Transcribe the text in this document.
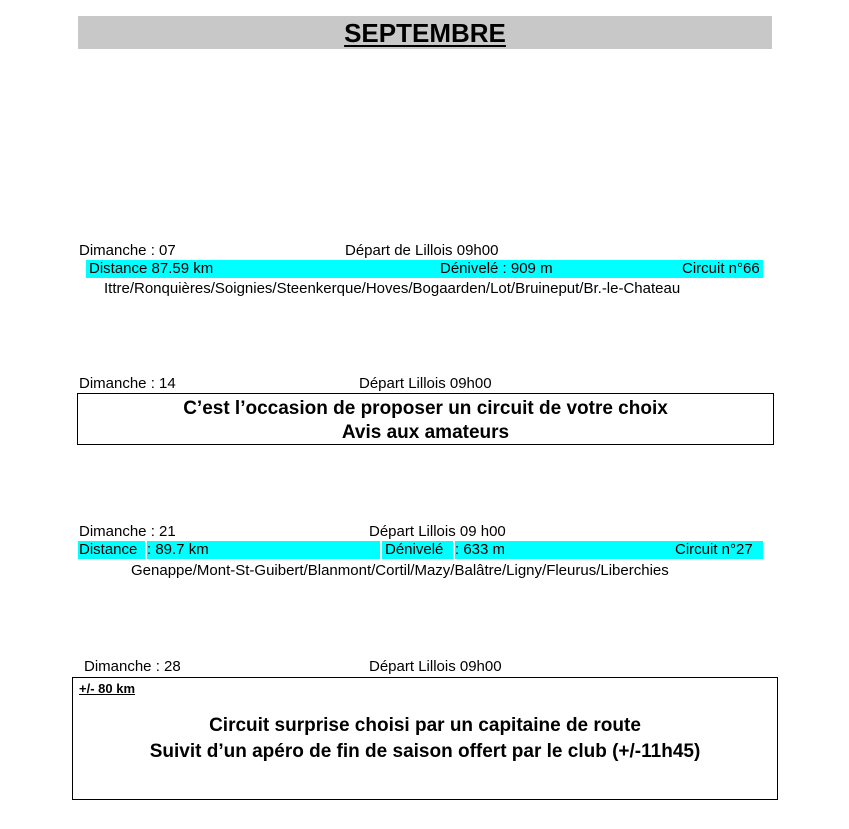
SEPTEMBRE
Dimanche : 07	Départ de Lillois 09h00
Distance 87.59 km	Dénivelé : 909 m	Circuit n°66
Ittre/Ronquières/Soignies/Steenkerque/Hoves/Bogaarden/Lot/Bruineput/Br.-le-Chateau
Dimanche : 14	Départ Lillois 09h00
C’est l’occasion de proposer un circuit de votre choix
Avis aux amateurs
Dimanche : 21	Départ Lillois 09 h00
Distance : 89.7 km	Dénivelé : 633 m	Circuit n°27
Genappe/Mont-St-Guibert/Blanmont/Cortil/Mazy/Balâtre/Ligny/Fleurus/Liberchies
Dimanche : 28	Départ Lillois 09h00
+/- 80 km
Circuit surprise choisi par un capitaine de route
Suivit d’un apéro de fin de saison offert par le club (+/-11h45)
